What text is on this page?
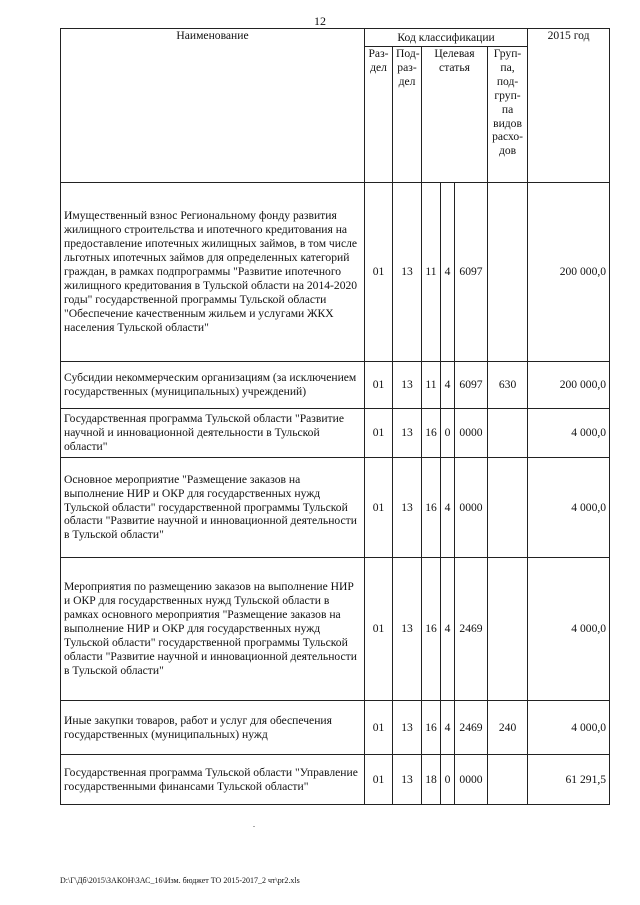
12
Наименование	Код классификации						2015 год
	Раз-дел	Под-раз-дел	Целевая статья			Груп-па, под-груп-па видов расхо-дов	
Имущественный взнос Региональному фонду развития жилищного строительства и ипотечного кредитования на предоставление ипотечных жилищных займов, в том числе льготных ипотечных займов для определенных категорий граждан, в рамках подпрограммы "Развитие ипотечного жилищного кредитования в Тульской области на 2014-2020 годы" государственной программы Тульской области "Обеспечение качественным жильем и услугами ЖКХ населения Тульской области"	01	13	11	4	6097		200 000,0
Субсидии некоммерческим организациям (за исключением государственных (муниципальных) учреждений)	01	13	11	4	6097	630	200 000,0
Государственная программа Тульской области "Развитие научной и инновационной деятельности в Тульской области"	01	13	16	0	0000		4 000,0
Основное мероприятие "Размещение заказов на выполнение НИР и ОКР для государственных нужд Тульской области" государственной программы Тульской области "Развитие научной и инновационной деятельности в Тульской области"	01	13	16	4	0000		4 000,0
Мероприятия по размещению заказов на выполнение НИР и ОКР для государственных нужд Тульской области в рамках основного мероприятия "Размещение заказов на выполнение НИР и ОКР для государственных нужд Тульской области" государственной программы Тульской области "Развитие научной и инновационной деятельности в Тульской области"	01	13	16	4	2469		4 000,0
Иные закупки товаров, работ и услуг для обеспечения государственных (муниципальных) нужд	01	13	16	4	2469	240	4 000,0
Государственная программа Тульской области "Управление государственными финансами Тульской области"	01	13	18	0	0000		61 291,5
.
D:\Г\Дб\2015\ЗАКОН\ЗАС_16\Изм. бюджет ТО 2015-2017_2 чт\pr2.xls
